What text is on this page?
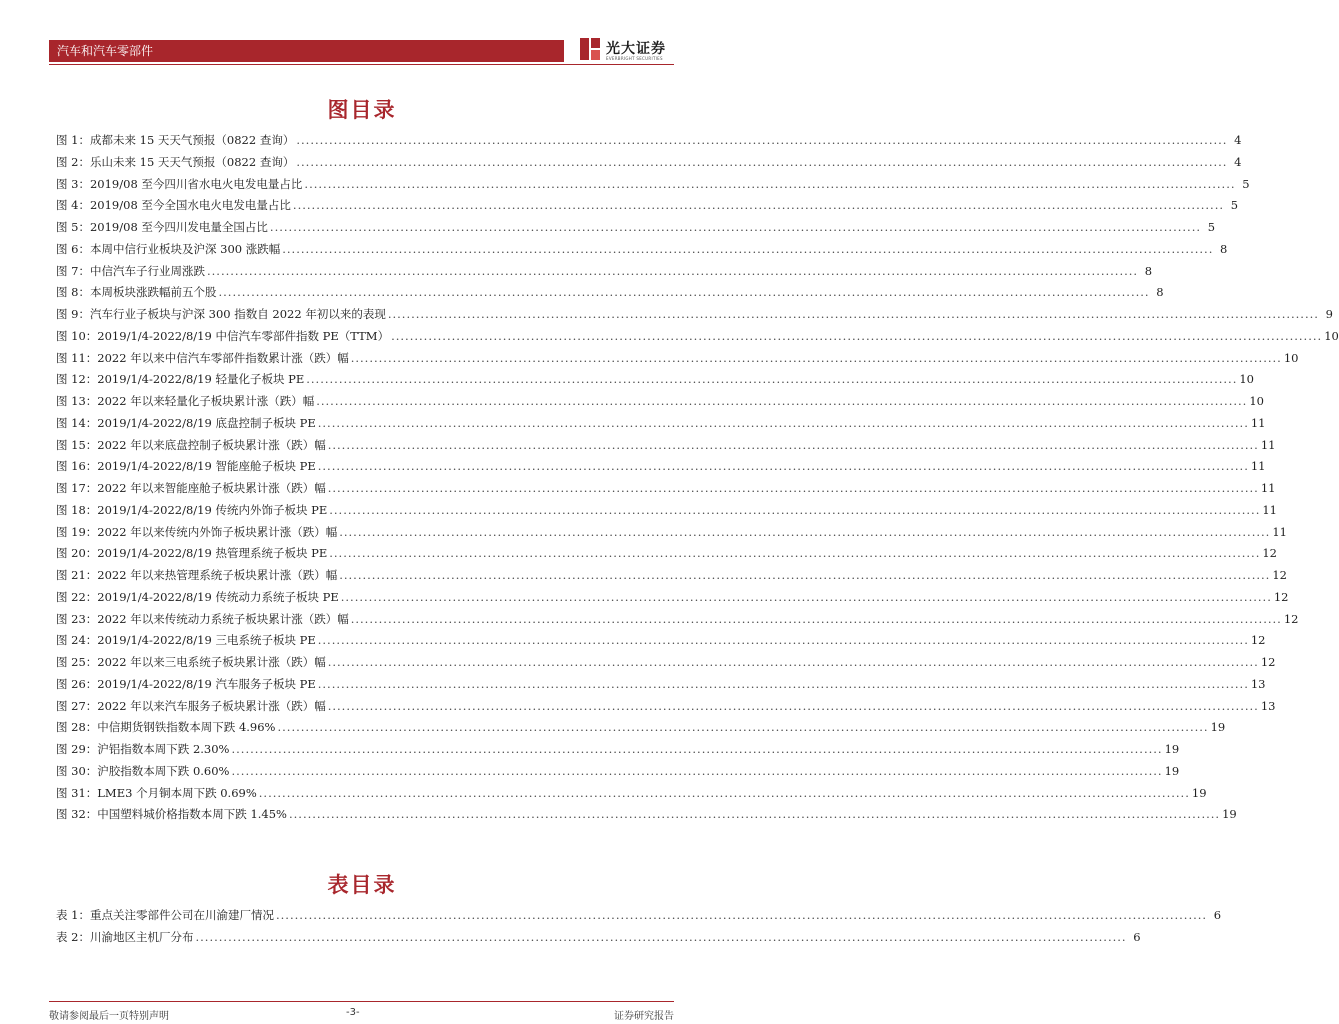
汽车和汽车零部件	光大证券
EVERBRIGHT SECURITIES
图目录
图 1： 成都未来 15 天天气预报（0822 查询） ........................................................................................................................................................................................................ 4
图 2： 乐山未来 15 天天气预报（0822 查询） ........................................................................................................................................................................................................ 4
图 3： 2019/08 至今四川省水电火电发电量占比 ........................................................................................................................................................................................................ 5
图 4： 2019/08 至今全国水电火电发电量占比 ........................................................................................................................................................................................................ 5
图 5： 2019/08 至今四川发电量全国占比 ........................................................................................................................................................................................................ 5
图 6： 本周中信行业板块及沪深 300 涨跌幅 ........................................................................................................................................................................................................ 8
图 7： 中信汽车子行业周涨跌 ........................................................................................................................................................................................................ 8
图 8： 本周板块涨跌幅前五个股 ........................................................................................................................................................................................................ 8
图 9： 汽车行业子板块与沪深 300 指数自 2022 年初以来的表现 ........................................................................................................................................................................................................ 9
图 10： 2019/1/4-2022/8/19 中信汽车零部件指数 PE（TTM） ........................................................................................................................................................................................................ 10
图 11： 2022 年以来中信汽车零部件指数累计涨（跌）幅 ........................................................................................................................................................................................................ 10
图 12： 2019/1/4-2022/8/19 轻量化子板块 PE ........................................................................................................................................................................................................ 10
图 13： 2022 年以来轻量化子板块累计涨（跌）幅 ........................................................................................................................................................................................................ 10
图 14： 2019/1/4-2022/8/19 底盘控制子板块 PE ........................................................................................................................................................................................................ 11
图 15： 2022 年以来底盘控制子板块累计涨（跌）幅 ........................................................................................................................................................................................................ 11
图 16： 2019/1/4-2022/8/19 智能座舱子板块 PE ........................................................................................................................................................................................................ 11
图 17： 2022 年以来智能座舱子板块累计涨（跌）幅 ........................................................................................................................................................................................................ 11
图 18： 2019/1/4-2022/8/19 传统内外饰子板块 PE ........................................................................................................................................................................................................ 11
图 19： 2022 年以来传统内外饰子板块累计涨（跌）幅 ........................................................................................................................................................................................................ 11
图 20： 2019/1/4-2022/8/19 热管理系统子板块 PE ........................................................................................................................................................................................................ 12
图 21： 2022 年以来热管理系统子板块累计涨（跌）幅 ........................................................................................................................................................................................................ 12
图 22： 2019/1/4-2022/8/19 传统动力系统子板块 PE ........................................................................................................................................................................................................ 12
图 23： 2022 年以来传统动力系统子板块累计涨（跌）幅 ........................................................................................................................................................................................................ 12
图 24： 2019/1/4-2022/8/19 三电系统子板块 PE ........................................................................................................................................................................................................ 12
图 25： 2022 年以来三电系统子板块累计涨（跌）幅 ........................................................................................................................................................................................................ 12
图 26： 2019/1/4-2022/8/19 汽车服务子板块 PE ........................................................................................................................................................................................................ 13
图 27： 2022 年以来汽车服务子板块累计涨（跌）幅 ........................................................................................................................................................................................................ 13
图 28： 中信期货钢铁指数本周下跌 4.96% ........................................................................................................................................................................................................ 19
图 29： 沪铝指数本周下跌 2.30% ........................................................................................................................................................................................................ 19
图 30： 沪胶指数本周下跌 0.60% ........................................................................................................................................................................................................ 19
图 31： LME3 个月铜本周下跌 0.69% ........................................................................................................................................................................................................ 19
图 32： 中国塑料城价格指数本周下跌 1.45% ........................................................................................................................................................................................................ 19
表目录
表 1： 重点关注零部件公司在川渝建厂情况 ........................................................................................................................................................................................................ 6
表 2： 川渝地区主机厂分布 ........................................................................................................................................................................................................ 6
敬请参阅最后一页特别声明	-3-	证券研究报告
